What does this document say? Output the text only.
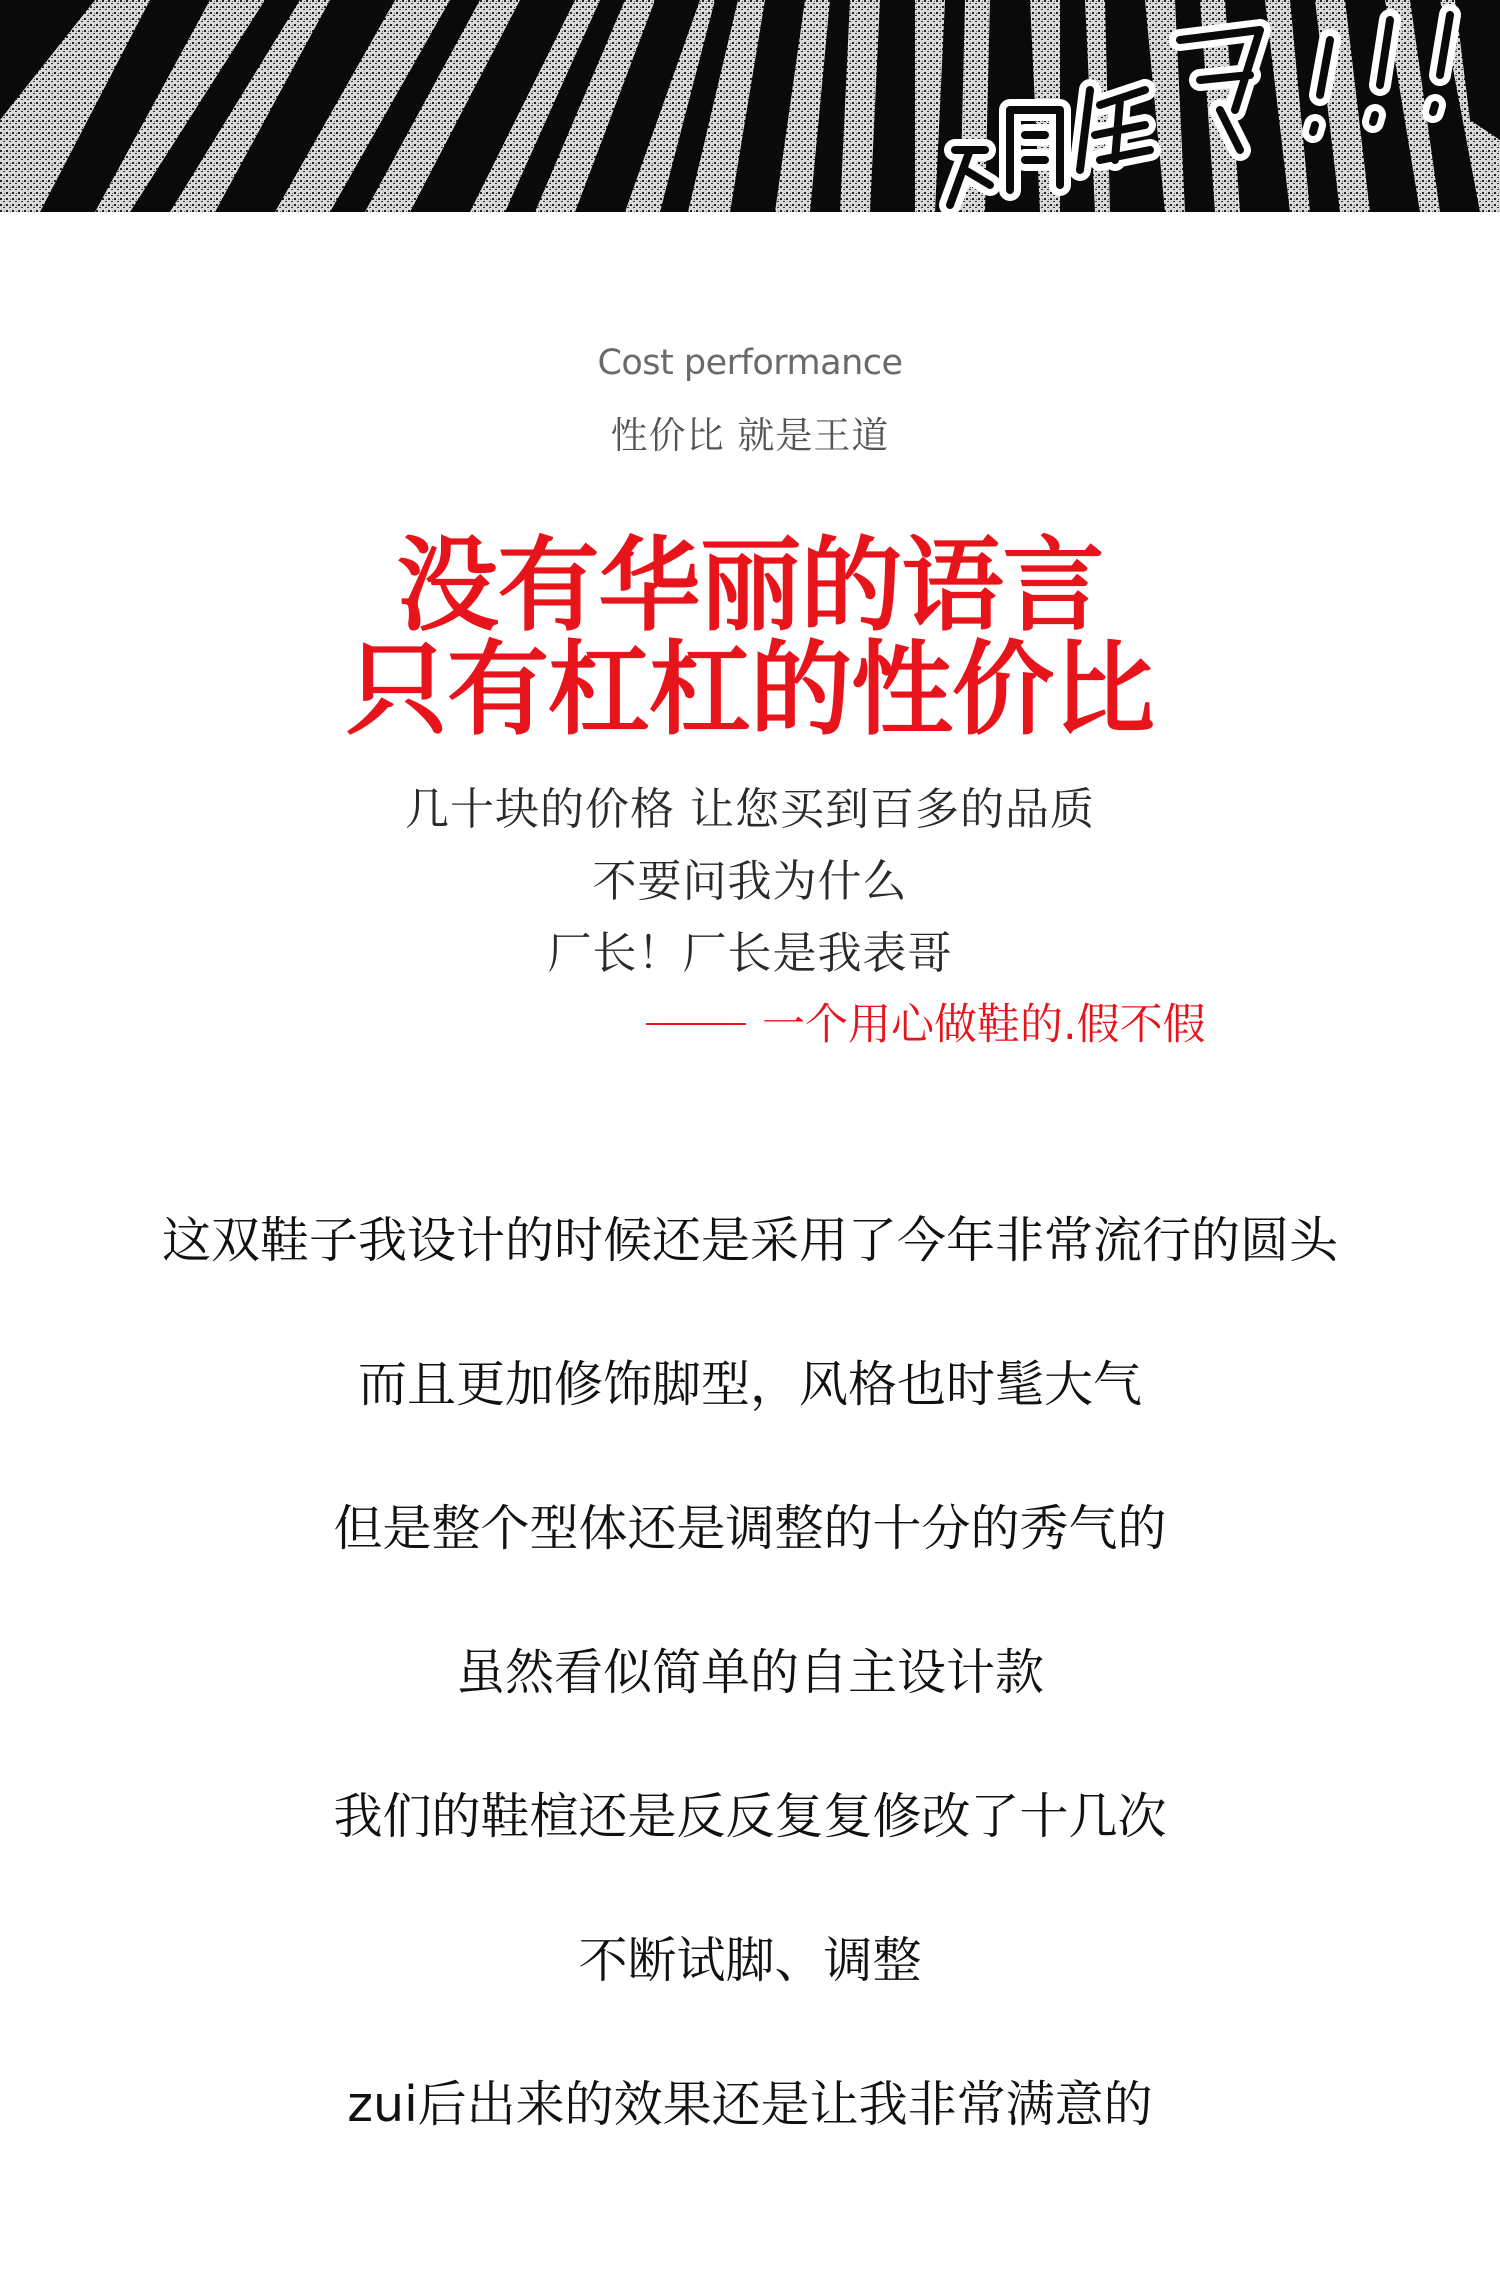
Cost performance
性价比 就是王道
没有华丽的语言
只有杠杠的性价比
几十块的价格 让您买到百多的品质
不要问我为什么
厂长！厂长是我表哥
一个用心做鞋的.假不假
这双鞋子我设计的时候还是采用了今年非常流行的圆头
而且更加修饰脚型，风格也时髦大气
但是整个型体还是调整的十分的秀气的
虽然看似简单的自主设计款
我们的鞋楦还是反反复复修改了十几次
不断试脚、调整
zui后出来的效果还是让我非常满意的
